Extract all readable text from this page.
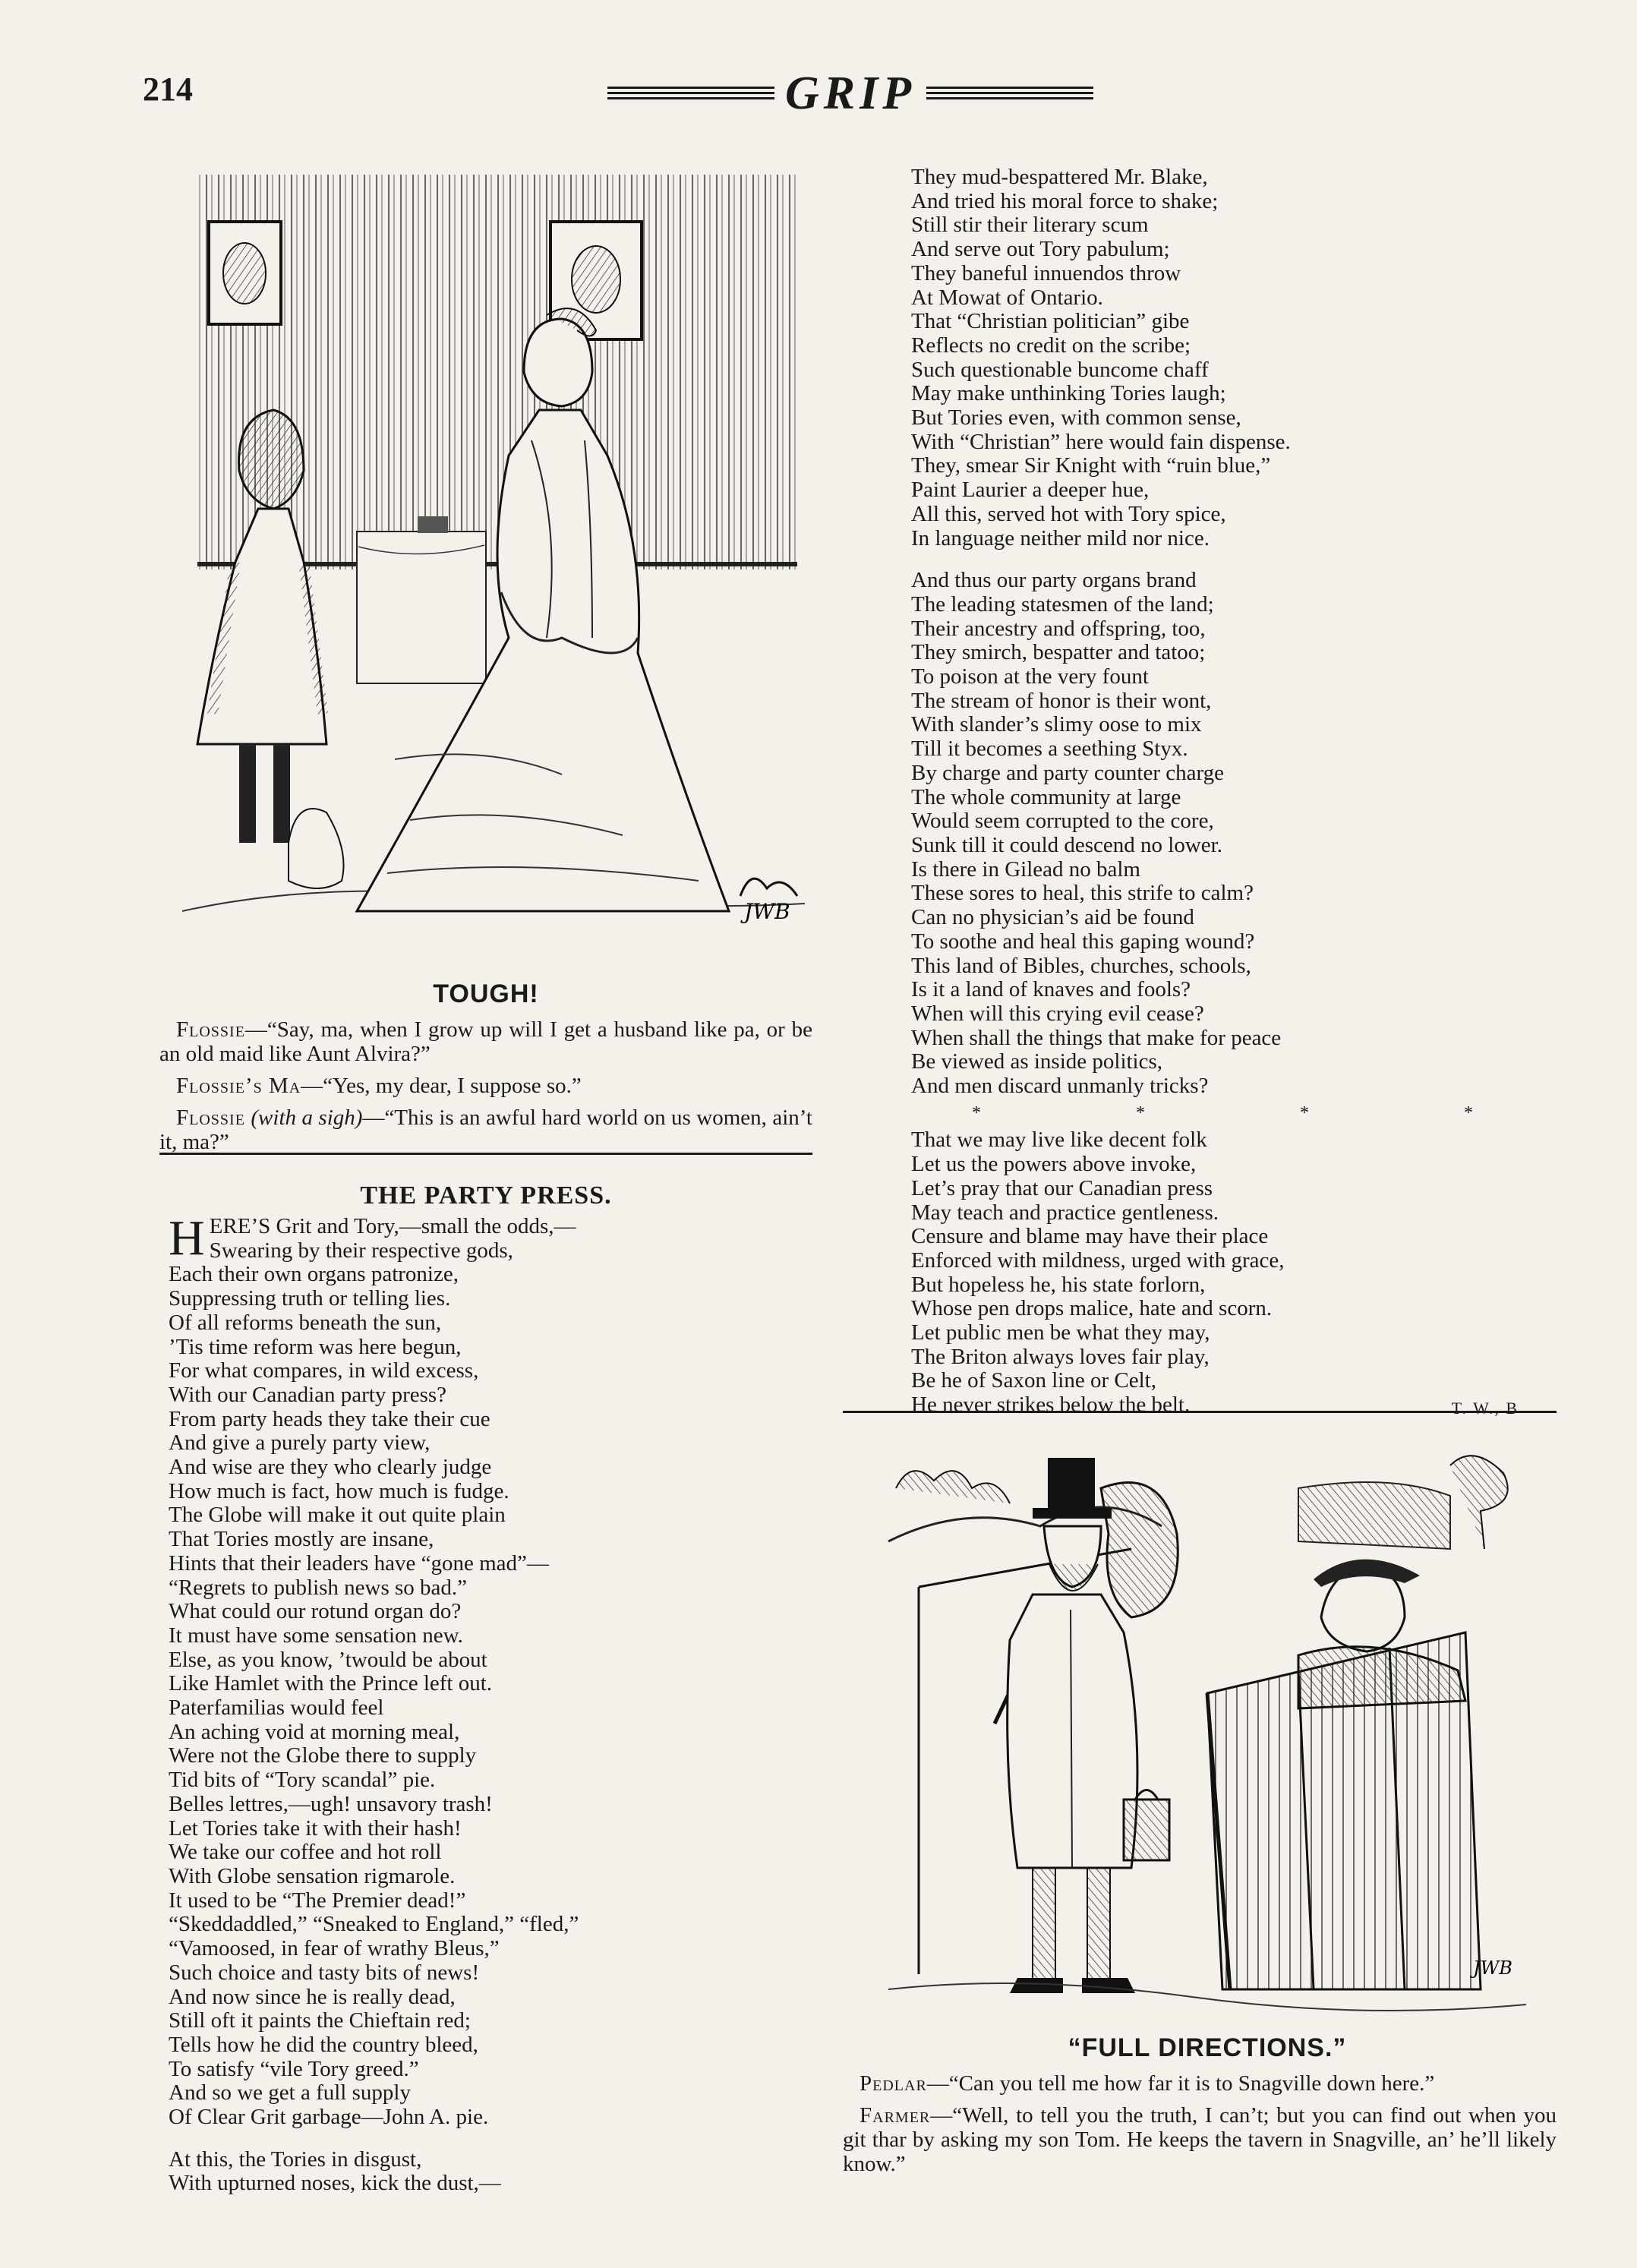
214	GRIP
JWB
TOUGH!

Flossie—“Say, ma, when I grow up will I get a husband like pa, or be an old maid like Aunt Alvira?”

Flossie’s Ma—“Yes, my dear, I suppose so.”

Flossie (with a sigh)—“This is an awful hard world on us women, ain’t it, ma?”

THE PARTY PRESS.
HERE’S Grit and Tory,—small the odds,—
Swearing by their respective gods,
Each their own organs patronize,
Suppressing truth or telling lies.
Of all reforms beneath the sun,
’Tis time reform was here begun,
For what compares, in wild excess,
With our Canadian party press?
From party heads they take their cue
And give a purely party view,
And wise are they who clearly judge
How much is fact, how much is fudge.
The Globe will make it out quite plain
That Tories mostly are insane,
Hints that their leaders have “gone mad”—
“Regrets to publish news so bad.”
What could our rotund organ do?
It must have some sensation new.
Else, as you know, ’twould be about
Like Hamlet with the Prince left out.
Paterfamilias would feel
An aching void at morning meal,
Were not the Globe there to supply
Tid bits of “Tory scandal” pie.
Belles lettres,—ugh! unsavory trash!
Let Tories take it with their hash!
We take our coffee and hot roll
With Globe sensation rigmarole.
It used to be “The Premier dead!”
“Skeddaddled,” “Sneaked to England,” “fled,”
“Vamoosed, in fear of wrathy Bleus,”
Such choice and tasty bits of news!
And now since he is really dead,
Still oft it paints the Chieftain red;
Tells how he did the country bleed,
To satisfy “vile Tory greed.”
And so we get a full supply
Of Clear Grit garbage—John A. pie.
At this, the Tories in disgust,
With upturned noses, kick the dust,—
They mud-bespattered Mr. Blake,
And tried his moral force to shake;
Still stir their literary scum
And serve out Tory pabulum;
They baneful innuendos throw
At Mowat of Ontario.
That “Christian politician” gibe
Reflects no credit on the scribe;
Such questionable buncome chaff
May make unthinking Tories laugh;
But Tories even, with common sense,
With “Christian” here would fain dispense.
They, smear Sir Knight with “ruin blue,”
Paint Laurier a deeper hue,
All this, served hot with Tory spice,
In language neither mild nor nice.
And thus our party organs brand
The leading statesmen of the land;
Their ancestry and offspring, too,
They smirch, bespatter and tatoo;
To poison at the very fount
The stream of honor is their wont,
With slander’s slimy oose to mix
Till it becomes a seething Styx.
By charge and party counter charge
The whole community at large
Would seem corrupted to the core,
Sunk till it could descend no lower.
Is there in Gilead no balm
These sores to heal, this strife to calm?
Can no physician’s aid be found
To soothe and heal this gaping wound?
This land of Bibles, churches, schools,
Is it a land of knaves and fools?
When will this crying evil cease?
When shall the things that make for peace
Be viewed as inside politics,
And men discard unmanly tricks?
*	*	*	*
That we may live like decent folk
Let us the powers above invoke,
Let’s pray that our Canadian press
May teach and practice gentleness.
Censure and blame may have their place
Enforced with mildness, urged with grace,
But hopeless he, his state forlorn,
Whose pen drops malice, hate and scorn.
Let public men be what they may,
The Briton always loves fair play,
Be he of Saxon line or Celt,
He never strikes below the belt.	T. W., B
JWB
“FULL DIRECTIONS.”

Pedlar—“Can you tell me how far it is to Snagville down here.”

Farmer—“Well, to tell you the truth, I can’t; but you can find out when you git thar by asking my son Tom. He keeps the tavern in Snagville, an’ he’ll likely know.”
